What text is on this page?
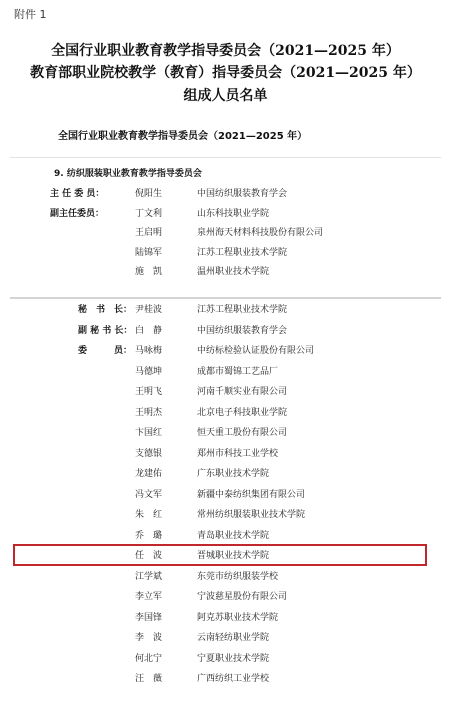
附件 1
全国行业职业教育教学指导委员会（2021—2025 年）
教育部职业院校教学（教育）指导委员会（2021—2025 年）
组成人员名单
全国行业职业教育教学指导委员会（2021—2025 年）
9. 纺织服装职业教育教学指导委员会
主 任 委 员：	倪阳生	中国纺织服装教育学会
副主任委员：	丁文利	山东科技职业学院
王启明	泉州海天材料科技股份有限公司
陆锦军	江苏工程职业技术学院
施　凯	温州职业技术学院
秘　书　长： 尹桂波	江苏工程职业技术学院
副 秘 书 长： 白　静	中国纺织服装教育学会
委　　　员： 马咏梅	中纺标检验认证股份有限公司
马德坤	成都市蜀锦工艺品厂
王明飞	河南千顺实业有限公司
王明杰	北京电子科技职业学院
卞国红	恒天重工股份有限公司
支德银	郑州市科技工业学校
龙建佑	广东职业技术学院
冯文军	新疆中泰纺织集团有限公司
朱　红	常州纺织服装职业技术学院
乔　璐	青岛职业技术学院
任　波	晋城职业技术学院
江学斌	东莞市纺织服装学校
李立军	宁波慈星股份有限公司
李国锋	阿克苏职业技术学院
李　波	云南轻纺职业学院
何北宁	宁夏职业技术学院
汪　薇	广西纺织工业学校
